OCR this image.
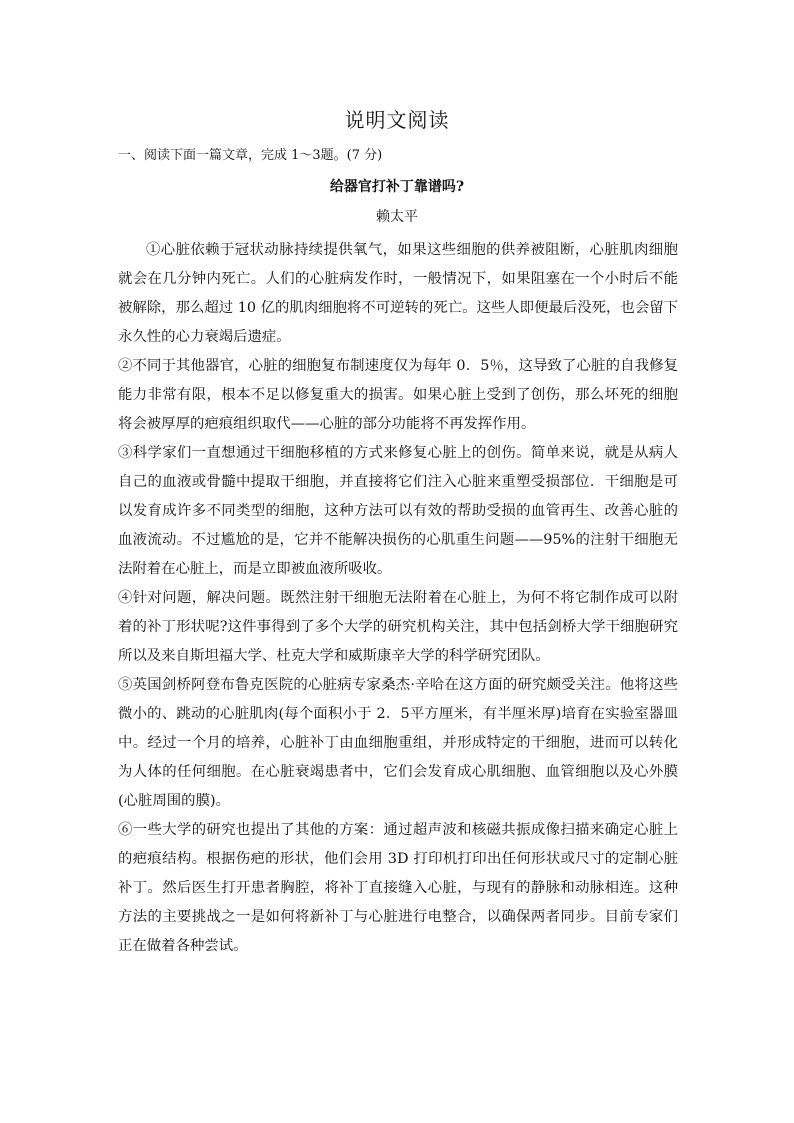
说明文阅读
一、阅读下面一篇文章，完成 1～3题。(7 分)
给器官打补丁靠谱吗?
赖太平

①心脏依赖于冠状动脉持续提供氧气，如果这些细胞的供养被阻断，心脏肌肉细胞就会在几分钟内死亡。人们的心脏病发作时，一般情况下，如果阻塞在一个小时后不能被解除，那么超过 10 亿的肌肉细胞将不可逆转的死亡。这些人即便最后没死，也会留下永久性的心力衰竭后遗症。

②不同于其他器官，心脏的细胞复布制速度仅为每年 0．5％，这导致了心脏的自我修复能力非常有限，根本不足以修复重大的损害。如果心脏上受到了创伤，那么坏死的细胞将会被厚厚的疤痕组织取代——心脏的部分功能将不再发挥作用。

③科学家们一直想通过干细胞移植的方式来修复心脏上的创伤。简单来说，就是从病人自己的血液或骨髓中提取干细胞，并直接将它们注入心脏来重塑受损部位．干细胞是可以发育成许多不同类型的细胞，这种方法可以有效的帮助受损的血管再生、改善心脏的血液流动。不过尴尬的是，它并不能解决损伤的心肌重生问题——95%的注射干细胞无法附着在心脏上，而是立即被血液所吸收。

④针对问题，解决问题。既然注射干细胞无法附着在心脏上，为何不将它制作成可以附着的补丁形状呢?这件事得到了多个大学的研究机构关注，其中包括剑桥大学干细胞研究所以及来自斯坦福大学、杜克大学和威斯康辛大学的科学研究团队。

⑤英国剑桥阿登布鲁克医院的心脏病专家桑杰·辛哈在这方面的研究颇受关注。他将这些微小的、跳动的心脏肌肉(每个面积小于 2．5平方厘米，有半厘米厚)培育在实验室器皿中。经过一个月的培养，心脏补丁由血细胞重组，并形成特定的干细胞，进而可以转化为人体的任何细胞。在心脏衰竭患者中，它们会发育成心肌细胞、血管细胞以及心外膜(心脏周围的膜)。

⑥一些大学的研究也提出了其他的方案：通过超声波和核磁共振成像扫描来确定心脏上的疤痕结构。根据伤疤的形状，他们会用 3D 打印机打印出任何形状或尺寸的定制心脏补丁。然后医生打开患者胸腔，将补丁直接缝入心脏，与现有的静脉和动脉相连。这种方法的主要挑战之一是如何将新补丁与心脏进行电整合，以确保两者同步。目前专家们正在做着各种尝试。
